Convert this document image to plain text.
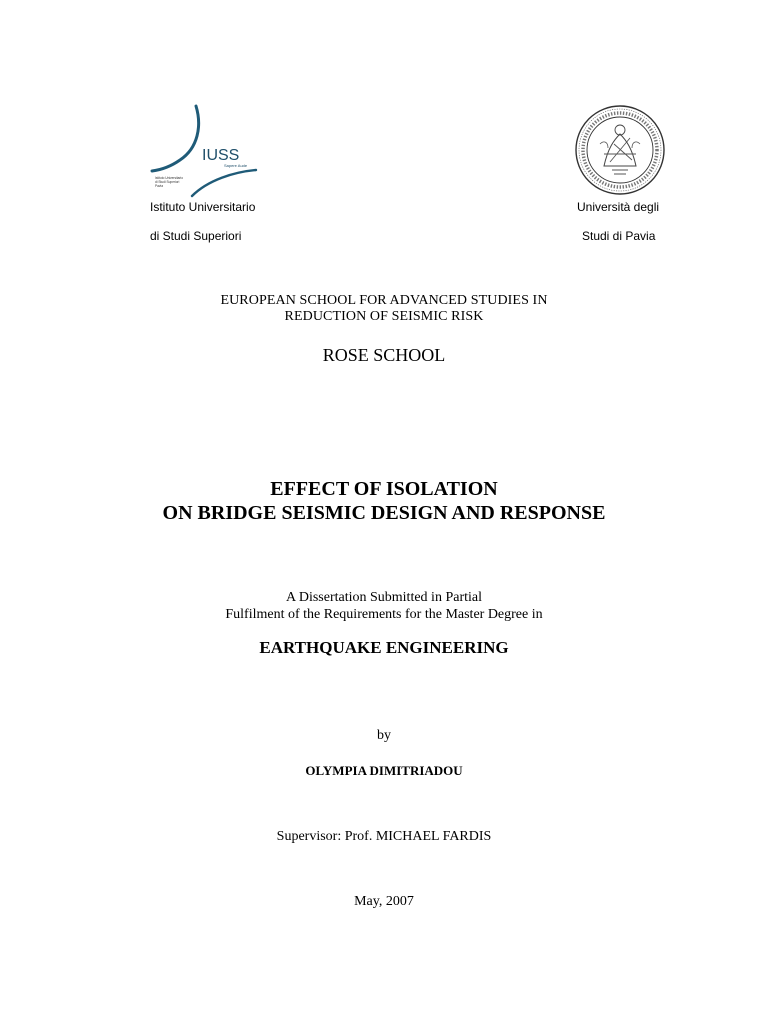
IUSS
Sapere Aude
Istituto Universitario
di Studi Superiori
Pavia
Istituto Universitario
di Studi Superiori
Università degli
Studi di Pavia
EUROPEAN SCHOOL FOR ADVANCED STUDIES IN
REDUCTION OF SEISMIC RISK
ROSE SCHOOL
EFFECT OF ISOLATION
ON BRIDGE SEISMIC DESIGN AND RESPONSE
A Dissertation Submitted in Partial
Fulfilment of the Requirements for the Master Degree in
EARTHQUAKE ENGINEERING
by
OLYMPIA DIMITRIADOU
Supervisor: Prof. MICHAEL FARDIS
May, 2007
